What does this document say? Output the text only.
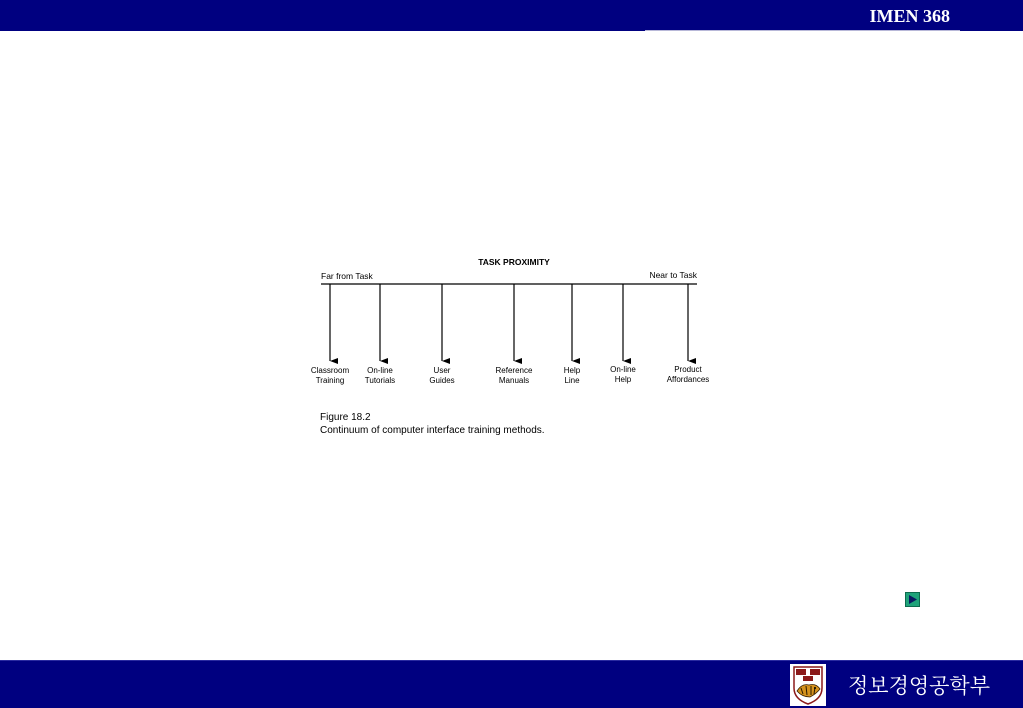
IMEN 368
TASK PROXIMITY
Far from Task	Near to Task
Classroom
Training
On-line
Tutorials
User
Guides
Reference
Manuals
Help
Line
On-line
Help
Product
Affordances
Figure 18.2
Continuum of computer interface training methods.
정보경영공학부
